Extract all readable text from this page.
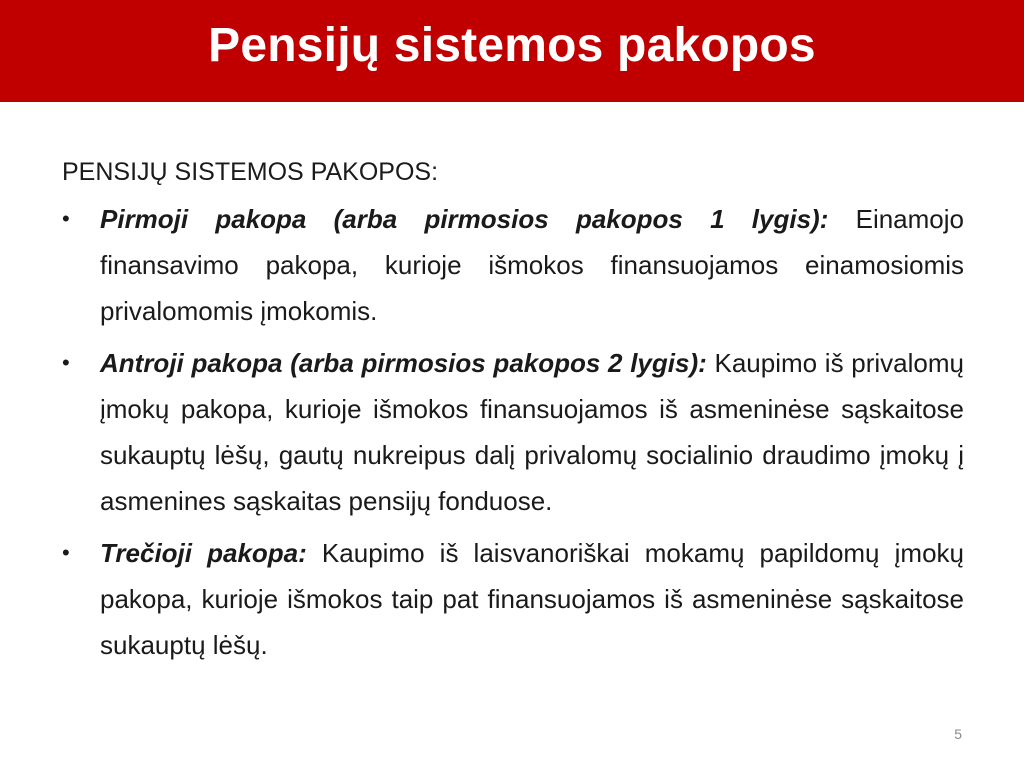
Pensijų sistemos pakopos
PENSIJŲ SISTEMOS PAKOPOS:
• Pirmoji pakopa (arba pirmosios pakopos 1 lygis): Einamojo finansavimo pakopa, kurioje išmokos finansuojamos einamosiomis privalomomis įmokomis.
• Antroji pakopa (arba pirmosios pakopos 2 lygis): Kaupimo iš privalomų įmokų pakopa, kurioje išmokos finansuojamos iš asmeninėse sąskaitose sukauptų lėšų, gautų nukreipus dalį privalomų socialinio draudimo įmokų į asmenines sąskaitas pensijų fonduose.
• Trečioji pakopa: Kaupimo iš laisvanoriškai mokamų papildomų įmokų pakopa, kurioje išmokos taip pat finansuojamos iš asmeninėse sąskaitose sukauptų lėšų.
5
